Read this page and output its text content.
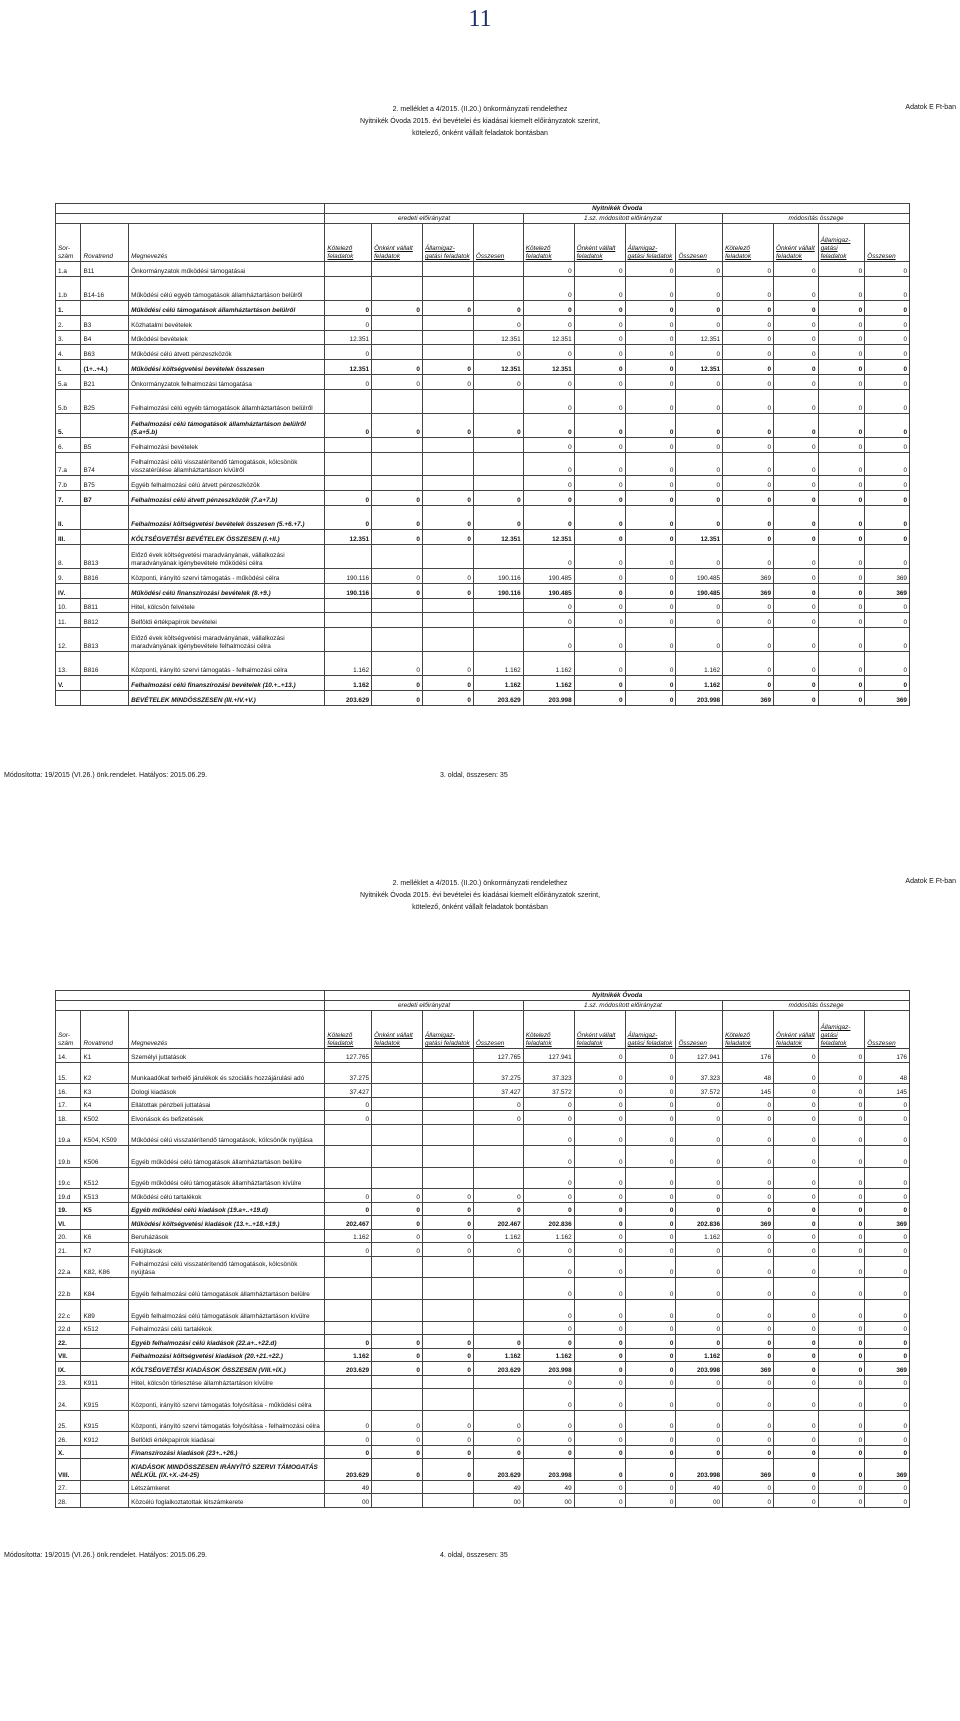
11
2. melléklet a 4/2015. (II.20.) önkormányzati rendelethez
Nyitnikék Óvoda 2015. évi bevételei és kiadásai kiemelt előirányzatok szerint,
kötelező, önként vállalt feladatok bontásban
Adatok E Ft-ban
			Nyitnikék Óvoda											
			eredeti előirányzat				1.sz. módosított előirányzat				módosítás összege			
Sor-szám	Rovatrend	Megnevezés	Kötelező feladatok	Önként vállalt feladatok	Államigaz-gatási feladatok	Összesen	Kötelező feladatok	Önként vállalt feladatok	Államigaz-gatási feladatok	Összesen	Kötelező feladatok	Önként vállalt feladatok	Államigaz-gatási feladatok	Összesen
1.a	B11	Önkormányzatok működési támogatásai					0	0	0	0	0	0	0	0
1.b	B14-16	Működési célú egyéb támogatások államháztartáson belülről					0	0	0	0	0	0	0	0
1.		Működési célú támogatások államháztartáson belülről	0	0	0	0	0	0	0	0	0	0	0	0
2.	B3	Közhatalmi bevételek	0			0	0	0	0	0	0	0	0	0
3.	B4	Működési bevételek	12.351			12.351	12.351	0	0	12.351	0	0	0	0
4.	B63	Működési célú átvett pénzeszközök	0			0	0	0	0	0	0	0	0	0
I.	(1+..+4.)	Működési költségvetési bevételek összesen	12.351	0	0	12.351	12.351	0	0	12.351	0	0	0	0
5.a	B21	Önkormányzatok felhalmozási támogatása	0	0	0	0	0	0	0	0	0	0	0	0
5.b	B25	Felhalmozási célú egyéb támogatások államháztartáson belülről					0	0	0	0	0	0	0	0
5.		Felhalmozási célú támogatások államháztartáson belülről (5.a+5.b)	0	0	0	0	0	0	0	0	0	0	0	0
6.	B5	Felhalmozási bevételek					0	0	0	0	0	0	0	0
7.a	B74	Felhalmozási célú visszatérítendő támogatások, kölcsönök visszatérülése államháztartáson kívülről					0	0	0	0	0	0	0	0
7.b	B75	Egyéb felhalmozási célú átvett pénzeszközök					0	0	0	0	0	0	0	0
7.	B7	Felhalmozási célú átvett pénzeszközök (7.a+7.b)	0	0	0	0	0	0	0	0	0	0	0	0
II.		Felhalmozási költségvetési bevételek összesen (5.+6.+7.)	0	0	0	0	0	0	0	0	0	0	0	0
III.		KÖLTSÉGVETÉSI BEVÉTELEK ÖSSZESEN (I.+II.)	12.351	0	0	12.351	12.351	0	0	12.351	0	0	0	0
8.	B813	Előző évek költségvetési maradványának, vállalkozási maradványának igénybevétele működési célra					0	0	0	0	0	0	0	0
9.	B816	Központi, irányító szervi támogatás - működési célra	190.116	0	0	190.116	190.485	0	0	190.485	369	0	0	369
IV.		Működési célú finanszírozási bevételek (8.+9.)	190.116	0	0	190.116	190.485	0	0	190.485	369	0	0	369
10.	B811	Hitel, kölcsön felvétele					0	0	0	0	0	0	0	0
11.	B812	Belföldi értékpapírok bevételei					0	0	0	0	0	0	0	0
12.	B813	Előző évek költségvetési maradványának, vállalkozási maradványának igénybevétele felhalmozási célra					0	0	0	0	0	0	0	0
13.	B816	Központi, irányító szervi támogatás - felhalmozási célra	1.162	0	0	1.162	1.162	0	0	1.162	0	0	0	0
V.		Felhalmozási célú finanszírozási bevételek (10.+..+13.)	1.162	0	0	1.162	1.162	0	0	1.162	0	0	0	0
		BEVÉTELEK MINDÖSSZESEN (III.+IV.+V.)	203.629	0	0	203.629	203.998	0	0	203.998	369	0	0	369
Módosította: 19/2015 (VI.26.) önk.rendelet. Hatályos: 2015.06.29.	3. oldal, összesen: 35
2. melléklet a 4/2015. (II.20.) önkormányzati rendelethez
Nyitnikék Óvoda 2015. évi bevételei és kiadásai kiemelt előirányzatok szerint,
kötelező, önként vállalt feladatok bontásban
Adatok E Ft-ban
			Nyitnikék Óvoda											
			eredeti előirányzat				1.sz. módosított előirányzat				módosítás összege			
Sor-szám	Rovatrend	Megnevezés	Kötelező feladatok	Önként vállalt feladatok	Államigaz-gatási feladatok	Összesen	Kötelező feladatok	Önként vállalt feladatok	Államigaz-gatási feladatok	Összesen	Kötelező feladatok	Önként vállalt feladatok	Államigaz-gatási feladatok	Összesen
14.	K1	Személyi juttatások	127.765			127.765	127.941	0	0	127.941	176	0	0	176
15.	K2	Munkaadókat terhelő járulékok és szociális hozzájárulási adó	37.275			37.275	37.323	0	0	37.323	48	0	0	48
16.	K3	Dologi kiadások	37.427			37.427	37.572	0	0	37.572	145	0	0	145
17.	K4	Ellátottak pénzbeli juttatásai	0			0	0	0	0	0	0	0	0	0
18.	K502	Elvonások és befizetések	0			0	0	0	0	0	0	0	0	0
19.a	K504, K509	Működési célú visszatérítendő támogatások, kölcsönök nyújtása					0	0	0	0	0	0	0	0
19.b	K506	Egyéb működési célú támogatások államháztartáson belülre					0	0	0	0	0	0	0	0
19.c	K512	Egyéb működési célú támogatások államháztartáson kívülre					0	0	0	0	0	0	0	0
19.d	K513	Működési célú tartalékok	0	0	0	0	0	0	0	0	0	0	0	0
19.	K5	Egyéb működési célú kiadások (19.a+..+19.d)	0	0	0	0	0	0	0	0	0	0	0	0
VI.		Működési költségvetési kiadások (13.+..+18.+19.)	202.467	0	0	202.467	202.836	0	0	202.836	369	0	0	369
20.	K6	Beruházások	1.162	0	0	1.162	1.162	0	0	1.162	0	0	0	0
21.	K7	Felújítások	0	0	0	0	0	0	0	0	0	0	0	0
22.a	K82, K86	Felhalmozási célú visszatérítendő támogatások, kölcsönök nyújtása					0	0	0	0	0	0	0	0
22.b	K84	Egyéb felhalmozási célú támogatások államháztartáson belülre					0	0	0	0	0	0	0	0
22.c	K89	Egyéb felhalmozási célú támogatások államháztartáson kívülre					0	0	0	0	0	0	0	0
22.d	K512	Felhalmozási célú tartalékok					0	0	0	0	0	0	0	0
22.		Egyéb felhalmozási célú kiadások (22.a+..+22.d)	0	0	0	0	0	0	0	0	0	0	0	0
VII.		Felhalmozási költségvetési kiadások (20.+21.+22.)	1.162	0	0	1.162	1.162	0	0	1.162	0	0	0	0
IX.		KÖLTSÉGVETÉSI KIADÁSOK ÖSSZESEN (VIII.+IX.)	203.629	0	0	203.629	203.998	0	0	203.998	369	0	0	369
23.	K911	Hitel, kölcsön törlesztése államháztartáson kívülre					0	0	0	0	0	0	0	0
24.	K915	Központi, irányító szervi támogatás folyósítása - működési célra					0	0	0	0	0	0	0	0
25.	K915	Központi, irányító szervi támogatás folyósítása - felhalmozási célra	0	0	0	0	0	0	0	0	0	0	0	0
26.	K912	Belföldi értékpapírok kiadásai	0	0	0	0	0	0	0	0	0	0	0	0
X.		Finanszírozási kiadások (23+..+26.)	0	0	0	0	0	0	0	0	0	0	0	0
VIII.		KIADÁSOK MINDÖSSZESEN IRÁNYÍTÓ SZERVI TÁMOGATÁS NÉLKÜL (IX.+X.-24-25)	203.629	0	0	203.629	203.998	0	0	203.998	369	0	0	369
27.		Létszámkeret	49			49	49	0	0	49	0	0	0	0
28.		Közcélú foglalkoztatottak létszámkerete	00			00	00	0	0	00	0	0	0	0
Módosította: 19/2015 (VI.26.) önk.rendelet. Hatályos: 2015.06.29.	4. oldal, összesen: 35
